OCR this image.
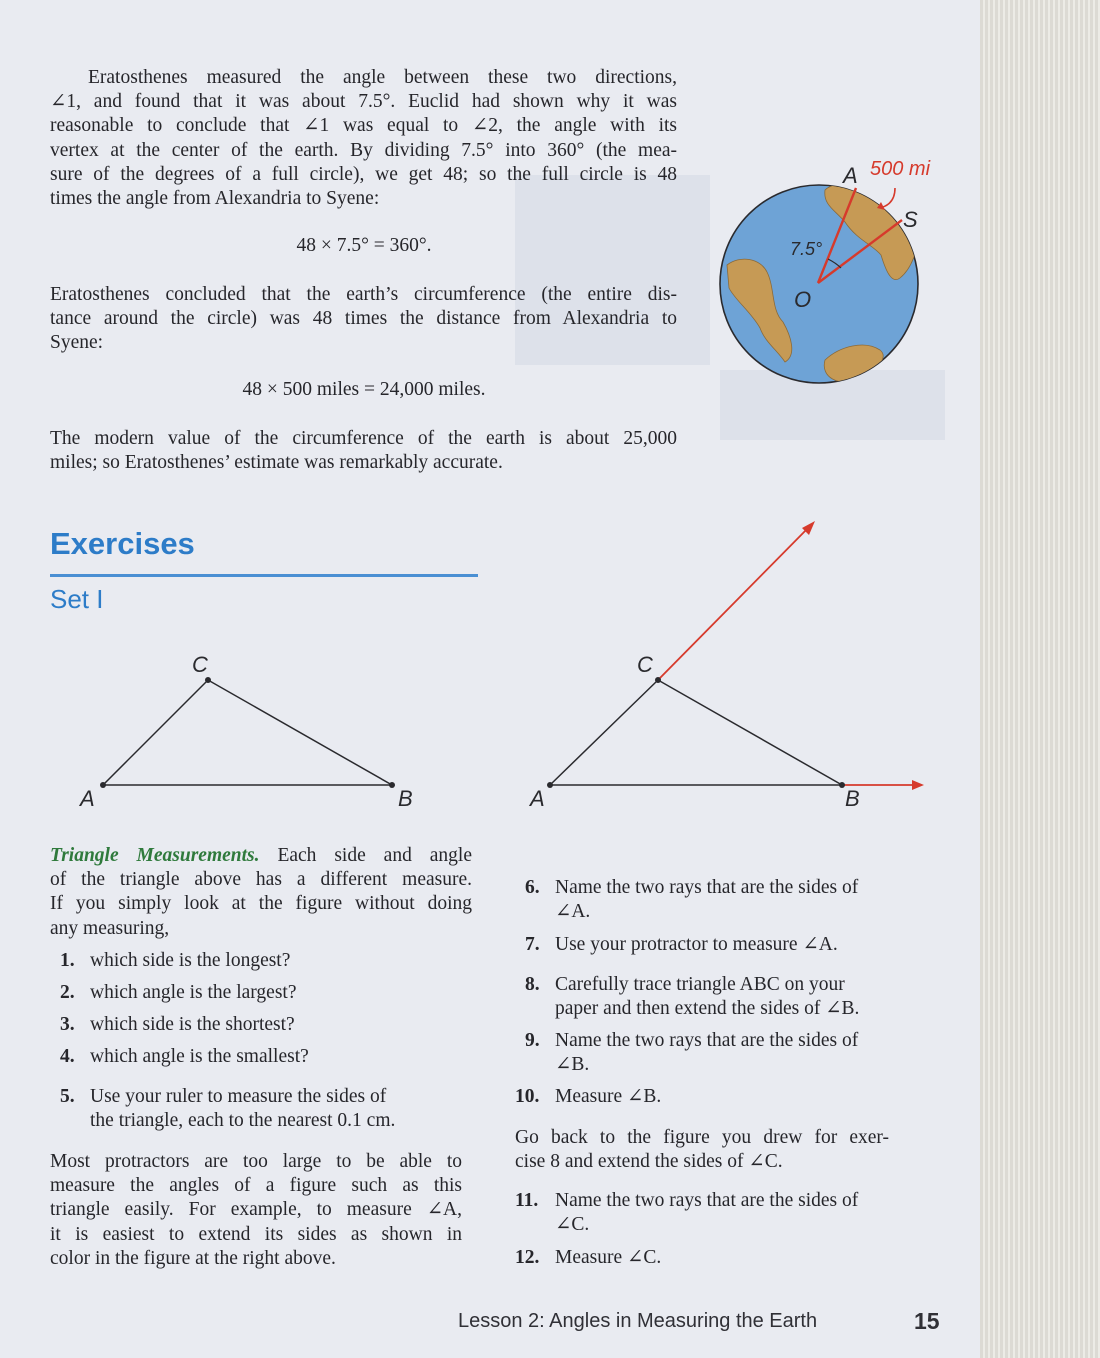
Eratosthenes measured the angle between these two directions,
∠1, and found that it was about 7.5°. Euclid had shown why it was
reasonable to conclude that ∠1 was equal to ∠2, the angle with its
vertex at the center of the earth. By dividing 7.5° into 360° (the mea-
sure of the degrees of a full circle), we get 48; so the full circle is 48
times the angle from Alexandria to Syene:
48 × 7.5° = 360°.
Eratosthenes concluded that the earth’s circumference (the entire dis-
tance around the circle) was 48 times the distance from Alexandria to
Syene:
48 × 500 miles = 24,000 miles.
The modern value of the circumference of the earth is about 25,000
miles; so Eratosthenes’ estimate was remarkably accurate.
A 500 mi
S
7.5°
O
Exercises
Set I
A	B
C
A	B
C
Triangle Measurements. Each side and angle
of the triangle above has a different measure.
If you simply look at the figure without doing
any measuring,
1. which side is the longest?
2. which angle is the largest?
3. which side is the shortest?
4. which angle is the smallest?
5. Use your ruler to measure the sides of
the triangle, each to the nearest 0.1 cm.
Most protractors are too large to be able to
measure the angles of a figure such as this
triangle easily. For example, to measure ∠A,
it is easiest to extend its sides as shown in
color in the figure at the right above.
6. Name the two rays that are the sides of
∠A.
7. Use your protractor to measure ∠A.
8. Carefully trace triangle ABC on your
paper and then extend the sides of ∠B.
9. Name the two rays that are the sides of
∠B.
10. Measure ∠B.
Go back to the figure you drew for exer-
cise 8 and extend the sides of ∠C.
11. Name the two rays that are the sides of
∠C.
12. Measure ∠C.
Lesson 2: Angles in Measuring the Earth	15
